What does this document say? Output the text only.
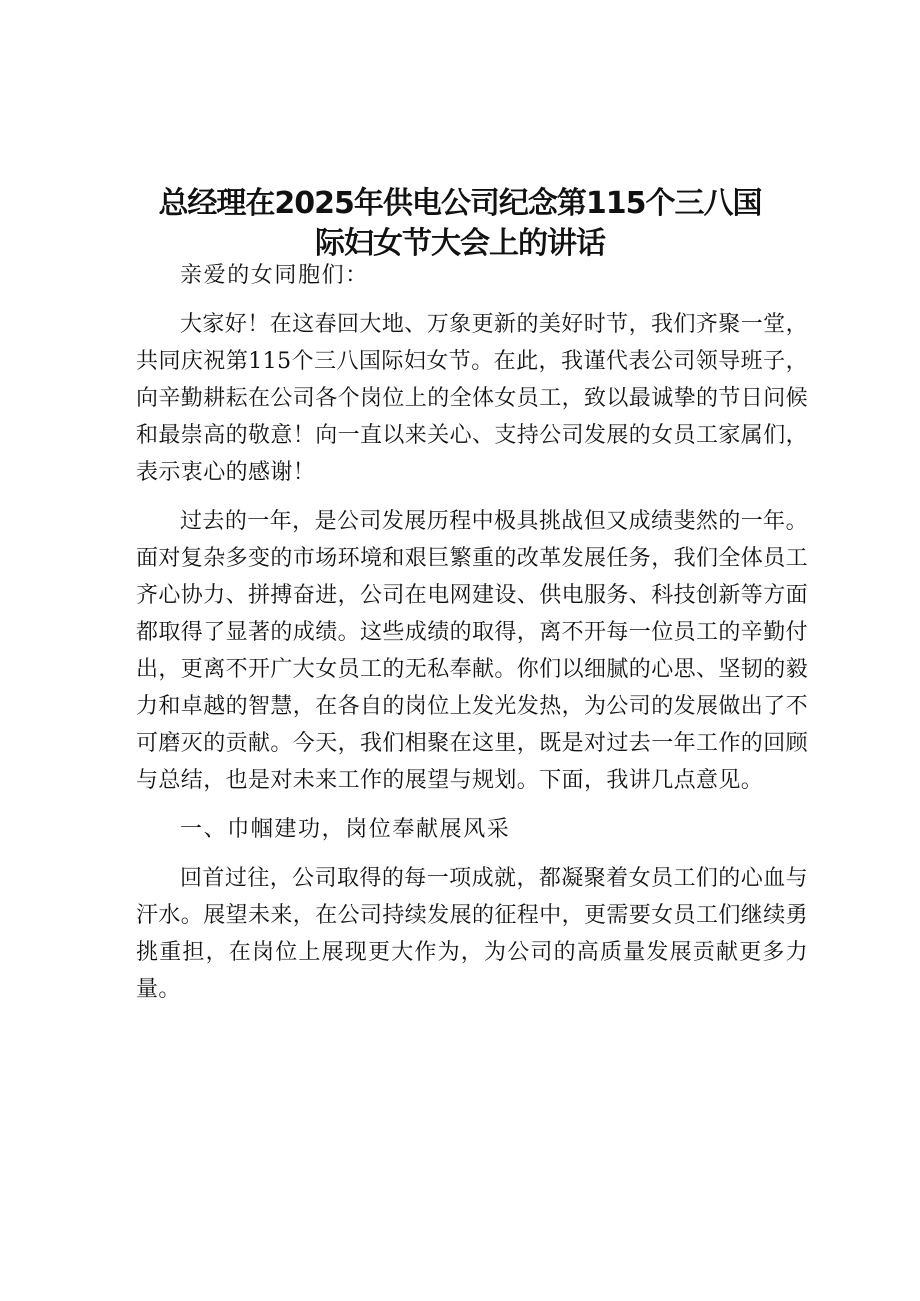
总经理在2025年供电公司纪念第115个三八国
际妇女节大会上的讲话

亲爱的女同胞们：

大家好！在这春回大地、万象更新的美好时节，我们齐聚一堂，共同庆祝第115个三八国际妇女节。在此，我谨代表公司领导班子，向辛勤耕耘在公司各个岗位上的全体女员工，致以最诚挚的节日问候和最崇高的敬意！向一直以来关心、支持公司发展的女员工家属们，表示衷心的感谢！

过去的一年，是公司发展历程中极具挑战但又成绩斐然的一年。面对复杂多变的市场环境和艰巨繁重的改革发展任务，我们全体员工齐心协力、拼搏奋进，公司在电网建设、供电服务、科技创新等方面都取得了显著的成绩。这些成绩的取得，离不开每一位员工的辛勤付出，更离不开广大女员工的无私奉献。你们以细腻的心思、坚韧的毅力和卓越的智慧，在各自的岗位上发光发热，为公司的发展做出了不可磨灭的贡献。今天，我们相聚在这里，既是对过去一年工作的回顾与总结，也是对未来工作的展望与规划。下面，我讲几点意见。

一、巾帼建功，岗位奉献展风采

回首过往，公司取得的每一项成就，都凝聚着女员工们的心血与汗水。展望未来，在公司持续发展的征程中，更需要女员工们继续勇挑重担，在岗位上展现更大作为，为公司的高质量发展贡献更多力量。
